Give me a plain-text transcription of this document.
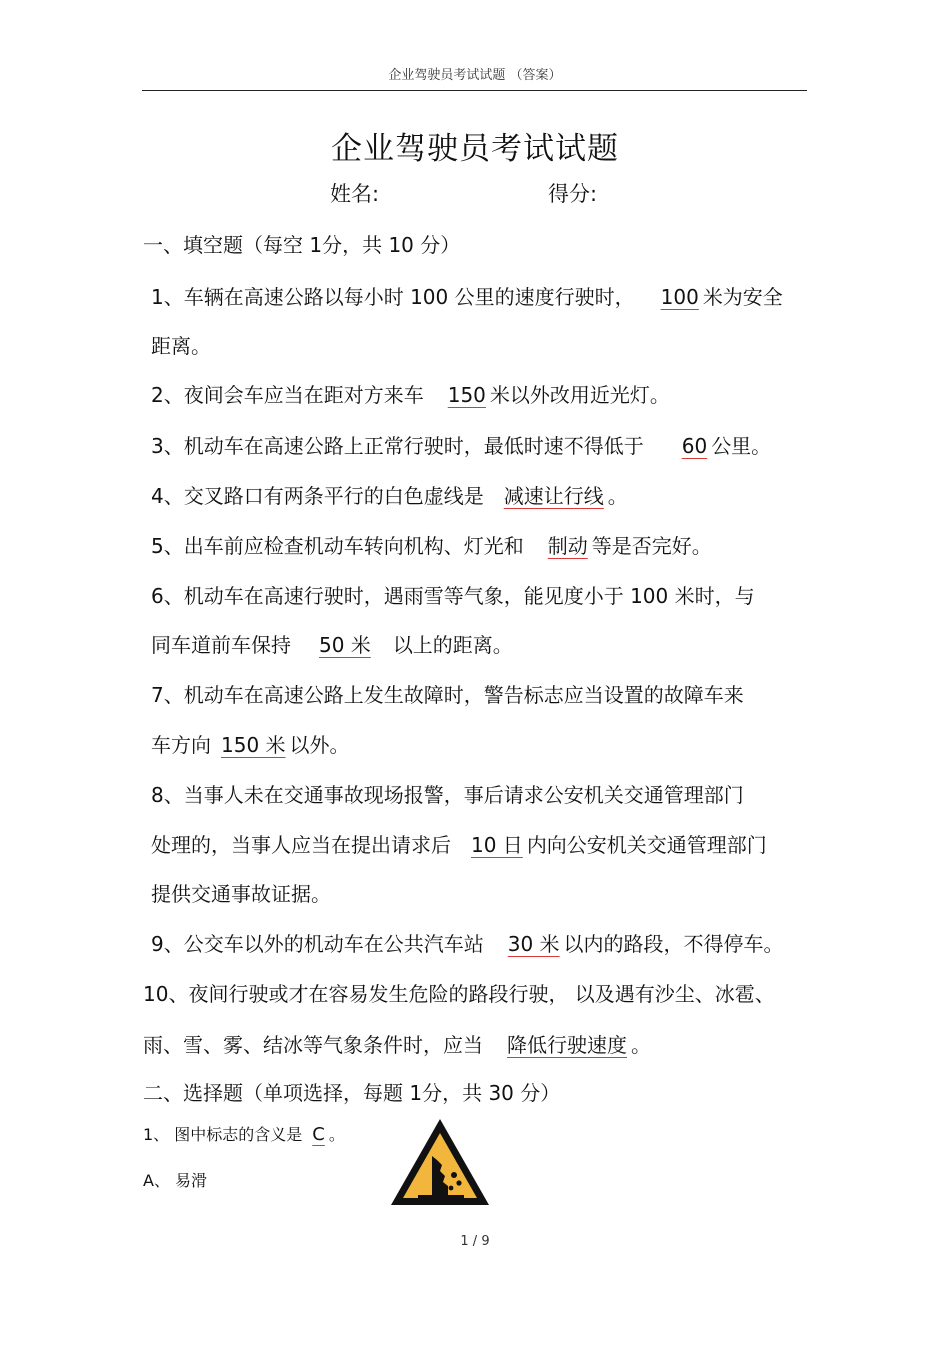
企业驾驶员考试试题 （答案）
企业驾驶员考试试题
姓名:	得分:
一、填空题（每空 1分，共 10 分）
1、车辆在高速公路以每小时 100 公里的速度行驶时， 100 米为安全
距离。
2、夜间会车应当在距对方来车 150 米以外改用近光灯。
3、机动车在高速公路上正常行驶时，最低时速不得低于 60 公里。
4、交叉路口有两条平行的白色虚线是 减速让行线 。
5、出车前应检查机动车转向机构、灯光和 制动 等是否完好。
6、机动车在高速行驶时，遇雨雪等气象，能见度小于 100 米时，与
同车道前车保持 50 米 以上的距离。
7、机动车在高速公路上发生故障时，警告标志应当设置的故障车来
车方向 150 米 以外。
8、当事人未在交通事故现场报警，事后请求公安机关交通管理部门
处理的，当事人应当在提出请求后 10 日 内向公安机关交通管理部门
提供交通事故证据。
9、公交车以外的机动车在公共汽车站 30 米 以内的路段，不得停车。
10、夜间行驶或才在容易发生危险的路段行驶， 以及遇有沙尘、冰雹、
雨、雪、雾、结冰等气象条件时，应当 降低行驶速度 。
二、选择题（单项选择，每题 1分，共 30 分）
1、 图中标志的含义是 C 。
A、 易滑
1 / 9
